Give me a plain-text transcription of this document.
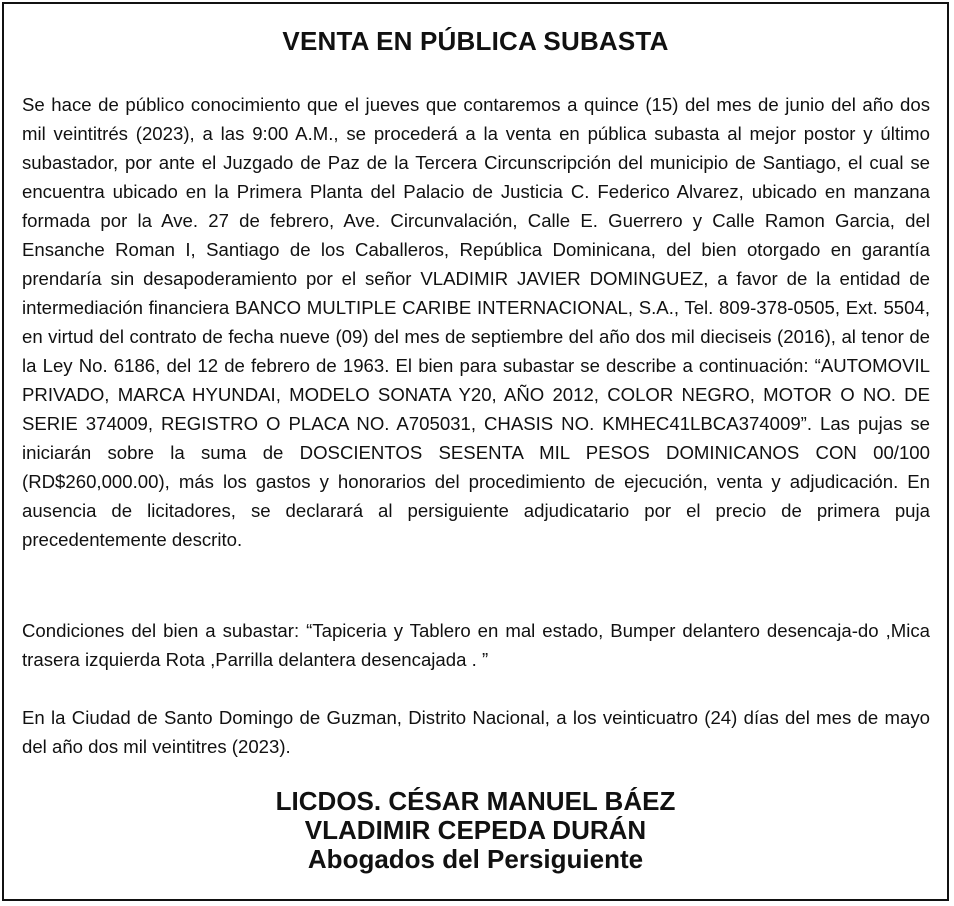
VENTA EN PÚBLICA SUBASTA
Se hace de público conocimiento que el jueves que contaremos a quince (15) del mes de junio del año dos mil veintitrés (2023), a las 9:00 A.M., se procederá a la venta en pública subasta al mejor postor y último subastador, por ante el Juzgado de Paz de la Tercera Circunscripción del municipio de Santiago, el cual se encuentra ubicado en la Primera Planta del Palacio de Justicia C. Federico Alvarez, ubicado en manzana formada por la Ave. 27 de febrero, Ave. Circunvalación, Calle E. Guerrero y Calle Ramon Garcia, del Ensanche Roman I, Santiago de los Caballeros, República Dominicana, del bien otorgado en garantía prendaría sin desapoderamiento por el señor VLADIMIR JAVIER DOMINGUEZ, a favor de la entidad de intermediación financiera BANCO MULTIPLE CARIBE INTERNACIONAL, S.A., Tel. 809-378-0505, Ext. 5504, en virtud del contrato de fecha nueve (09) del mes de septiembre del año dos mil dieciseis (2016), al tenor de la Ley No. 6186, del 12 de febrero de 1963. El bien para subastar se describe a continuación: “AUTOMOVIL PRIVADO, MARCA HYUNDAI, MODELO SONATA Y20, AÑO 2012, COLOR NEGRO, MOTOR O NO. DE SERIE 374009, REGISTRO O PLACA NO. A705031, CHASIS NO. KMHEC41LBCA374009”. Las pujas se iniciarán sobre la suma de DOSCIENTOS SESENTA MIL PESOS DOMINICANOS CON 00/100 (RD$260,000.00), más los gastos y honorarios del procedimiento de ejecución, venta y adjudicación. En ausencia de licitadores, se declarará al persiguiente adjudicatario por el precio de primera puja precedentemente descrito.
Condiciones del bien a subastar: “Tapiceria y Tablero en mal estado, Bumper delantero desencaja-do ,Mica trasera izquierda Rota ,Parrilla delantera desencajada . ”
En la Ciudad de Santo Domingo de Guzman, Distrito Nacional, a los veinticuatro (24) días del mes de mayo del año dos mil veintitres (2023).
LICDOS. CÉSAR MANUEL BÁEZ
VLADIMIR CEPEDA DURÁN
Abogados del Persiguiente
